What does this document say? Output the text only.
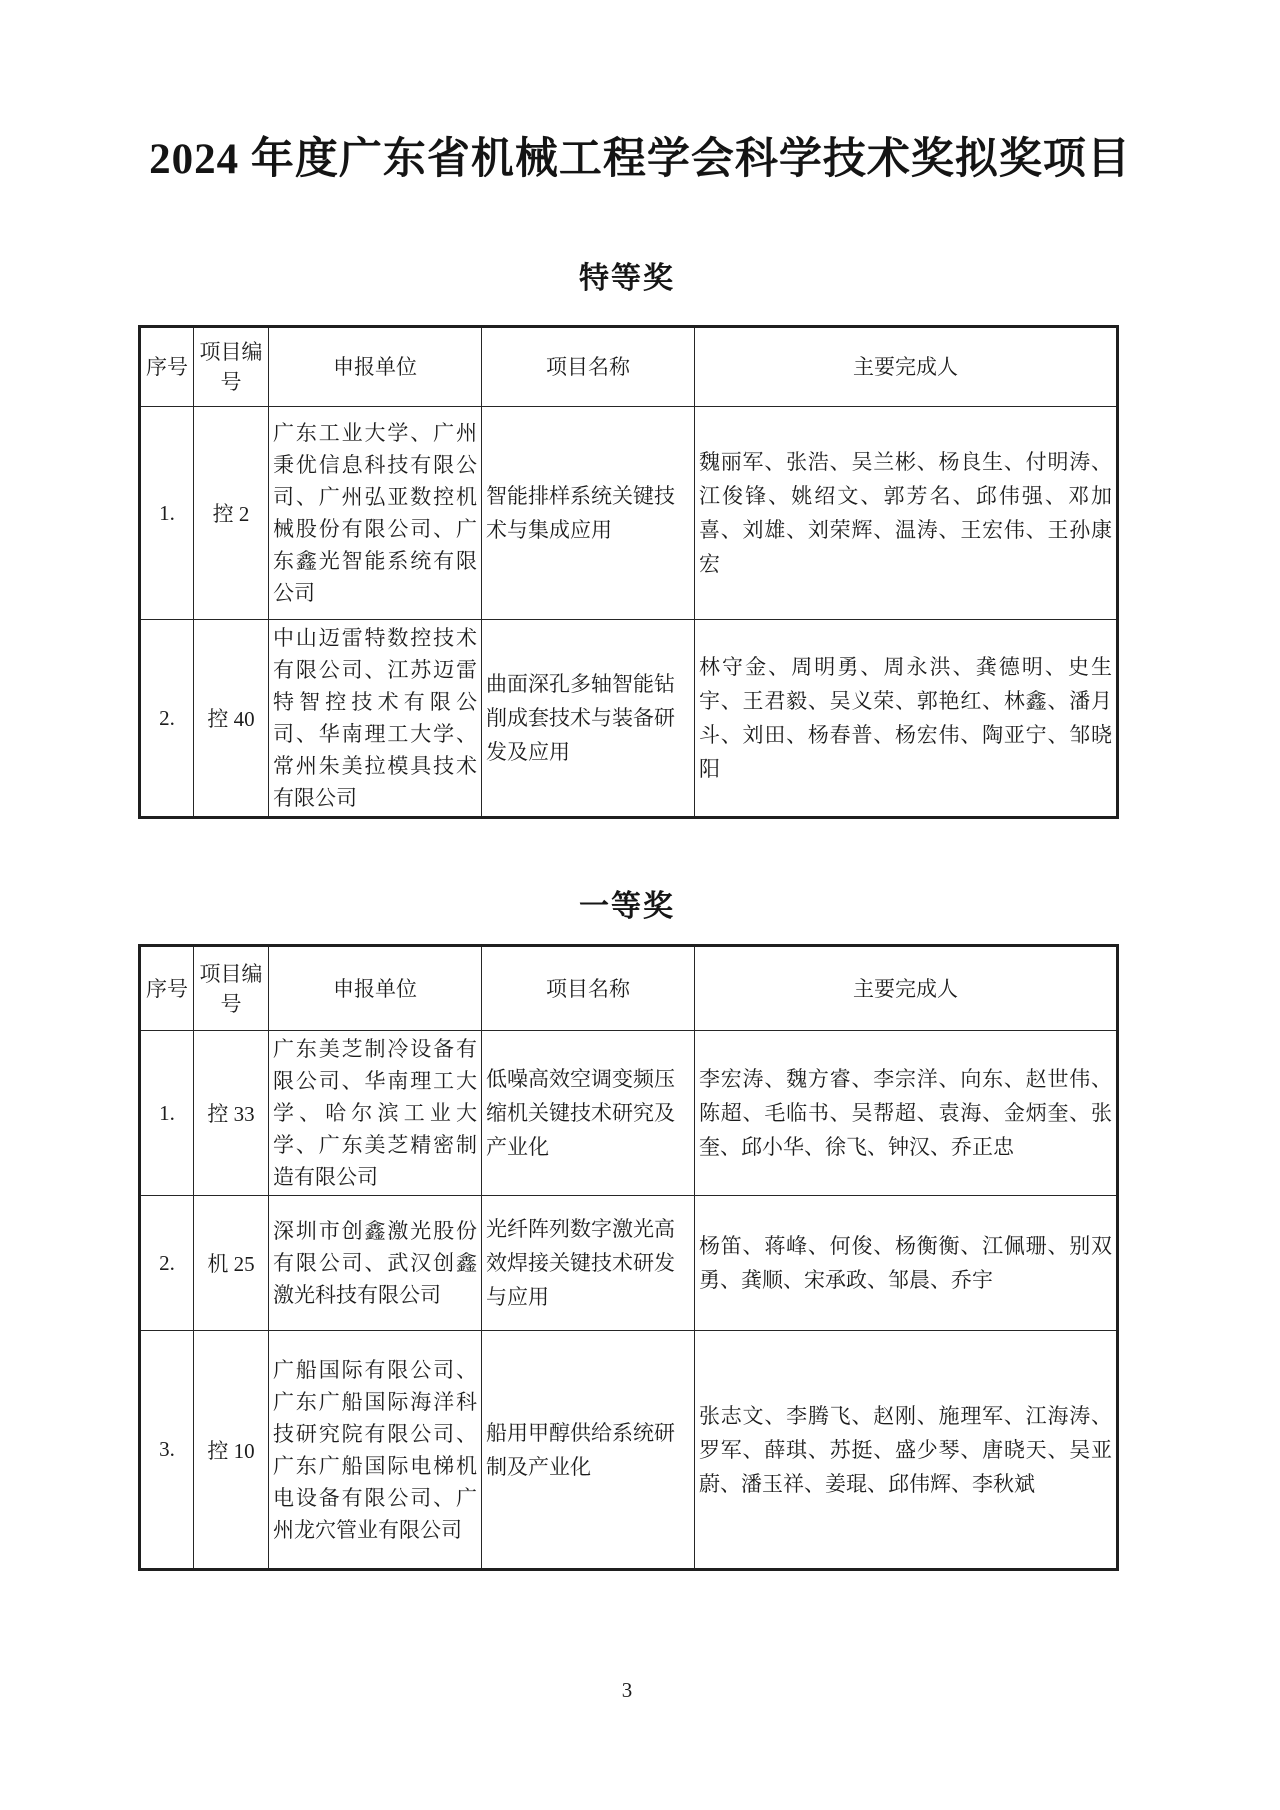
2024 年度广东省机械工程学会科学技术奖拟奖项目
特等奖
序号	项目编号	申报单位	项目名称	主要完成人
1.	控 2	广东工业大学、广州秉优信息科技有限公司、广州弘亚数控机械股份有限公司、广东鑫光智能系统有限公司	智能排样系统关键技术与集成应用	魏丽军、张浩、吴兰彬、杨良生、付明涛、江俊锋、姚绍文、郭芳名、邱伟强、邓加喜、刘雄、刘荣辉、温涛、王宏伟、王孙康宏
2.	控 40	中山迈雷特数控技术有限公司、江苏迈雷特智控技术有限公司、华南理工大学、常州朱美拉模具技术有限公司	曲面深孔多轴智能钻削成套技术与装备研发及应用	林守金、周明勇、周永洪、龚德明、史生宇、王君毅、吴义荣、郭艳红、林鑫、潘月斗、刘田、杨春普、杨宏伟、陶亚宁、邹晓阳
一等奖
序号	项目编号	申报单位	项目名称	主要完成人
1.	控 33	广东美芝制冷设备有限公司、华南理工大学、哈尔滨工业大学、广东美芝精密制造有限公司	低噪高效空调变频压缩机关键技术研究及产业化	李宏涛、魏方睿、李宗洋、向东、赵世伟、陈超、毛临书、吴帮超、袁海、金炳奎、张奎、邱小华、徐飞、钟汉、乔正忠
2.	机 25	深圳市创鑫激光股份有限公司、武汉创鑫激光科技有限公司	光纤阵列数字激光高效焊接关键技术研发与应用	杨笛、蒋峰、何俊、杨衡衡、江佩珊、别双勇、龚顺、宋承政、邹晨、乔宇
3.	控 10	广船国际有限公司、广东广船国际海洋科技研究院有限公司、广东广船国际电梯机电设备有限公司、广州龙穴管业有限公司	船用甲醇供给系统研制及产业化	张志文、李腾飞、赵刚、施理军、江海涛、罗军、薛琪、苏挺、盛少琴、唐晓天、吴亚蔚、潘玉祥、姜琨、邱伟辉、李秋斌
3
